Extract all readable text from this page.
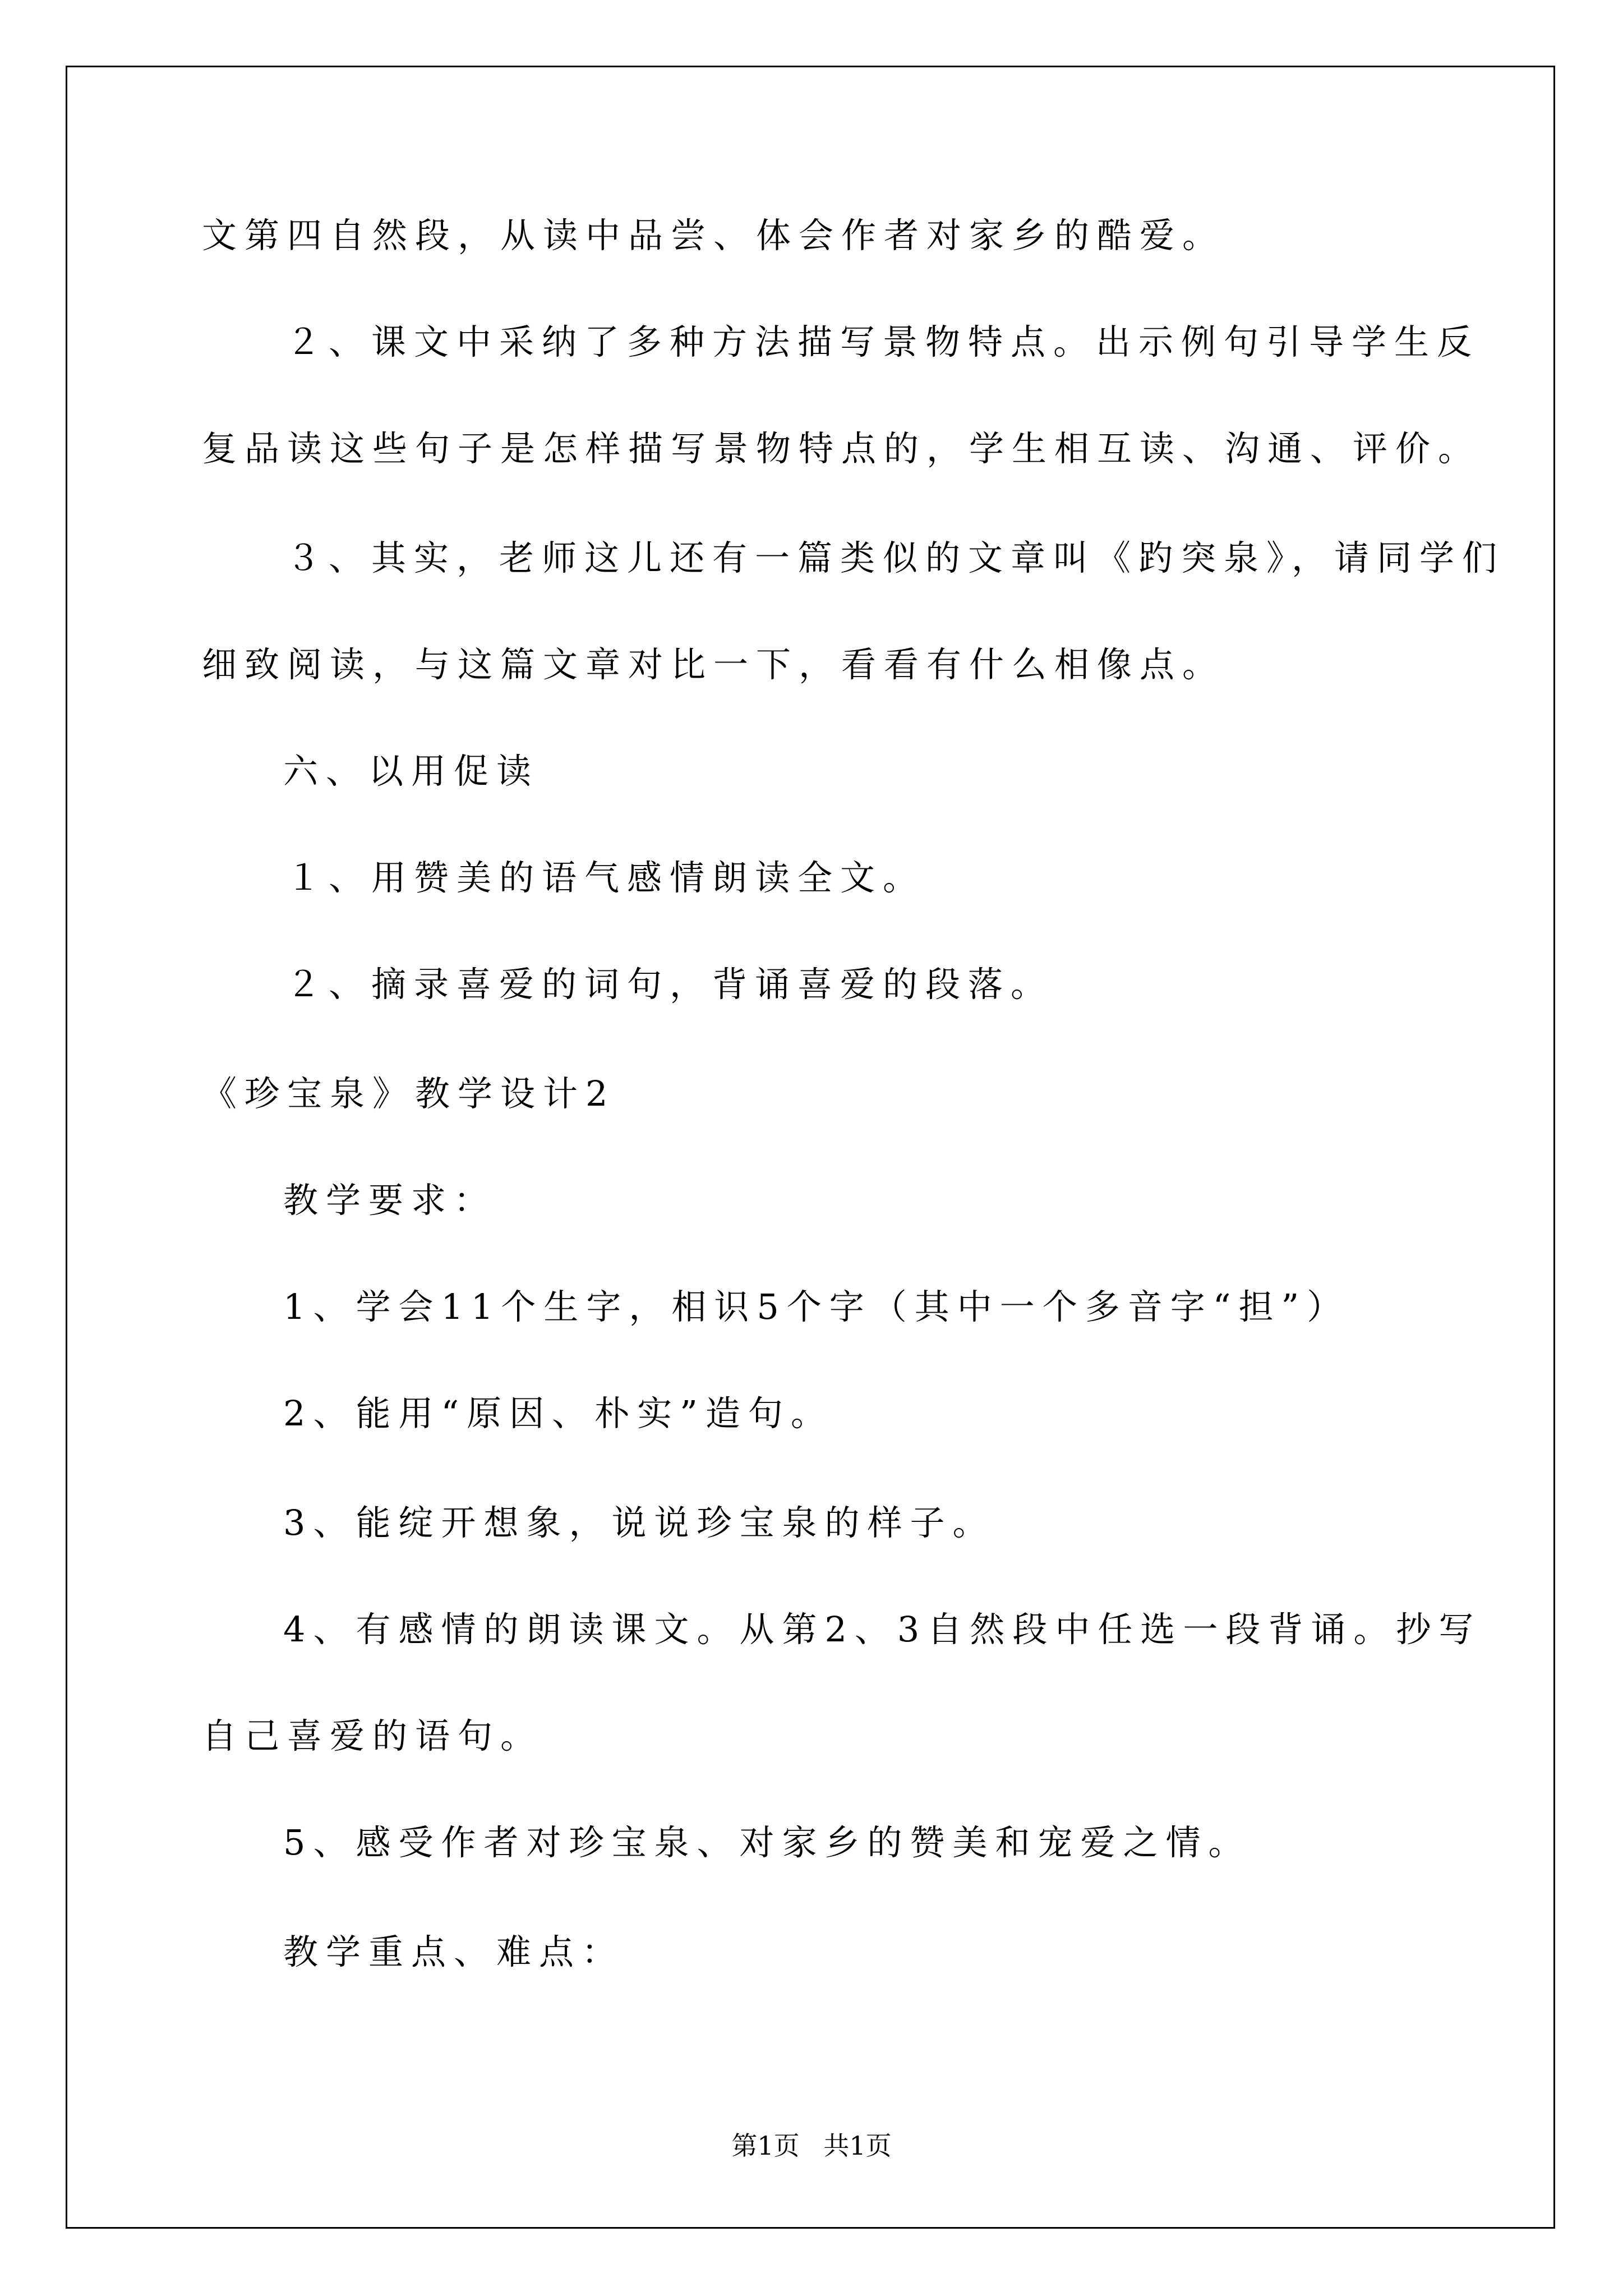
文第四自然段，从读中品尝、体会作者对家乡的酷爱。
２、课文中采纳了多种方法描写景物特点。出示例句引导学生反
复品读这些句子是怎样描写景物特点的，学生相互读、沟通、评价。
３、其实，老师这儿还有一篇类似的文章叫《趵突泉》，请同学们
细致阅读，与这篇文章对比一下，看看有什么相像点。
六、以用促读
１、用赞美的语气感情朗读全文。
２、摘录喜爱的词句，背诵喜爱的段落。
《珍宝泉》教学设计2
教学要求：
1、学会11个生字，相识5个字（其中一个多音字“担”）
2、能用“原因、朴实”造句。
3、能绽开想象，说说珍宝泉的样子。
4、有感情的朗读课文。从第2、3自然段中任选一段背诵。抄写
自己喜爱的语句。
5、感受作者对珍宝泉、对家乡的赞美和宠爱之情。
教学重点、难点：
第1页 共1页
